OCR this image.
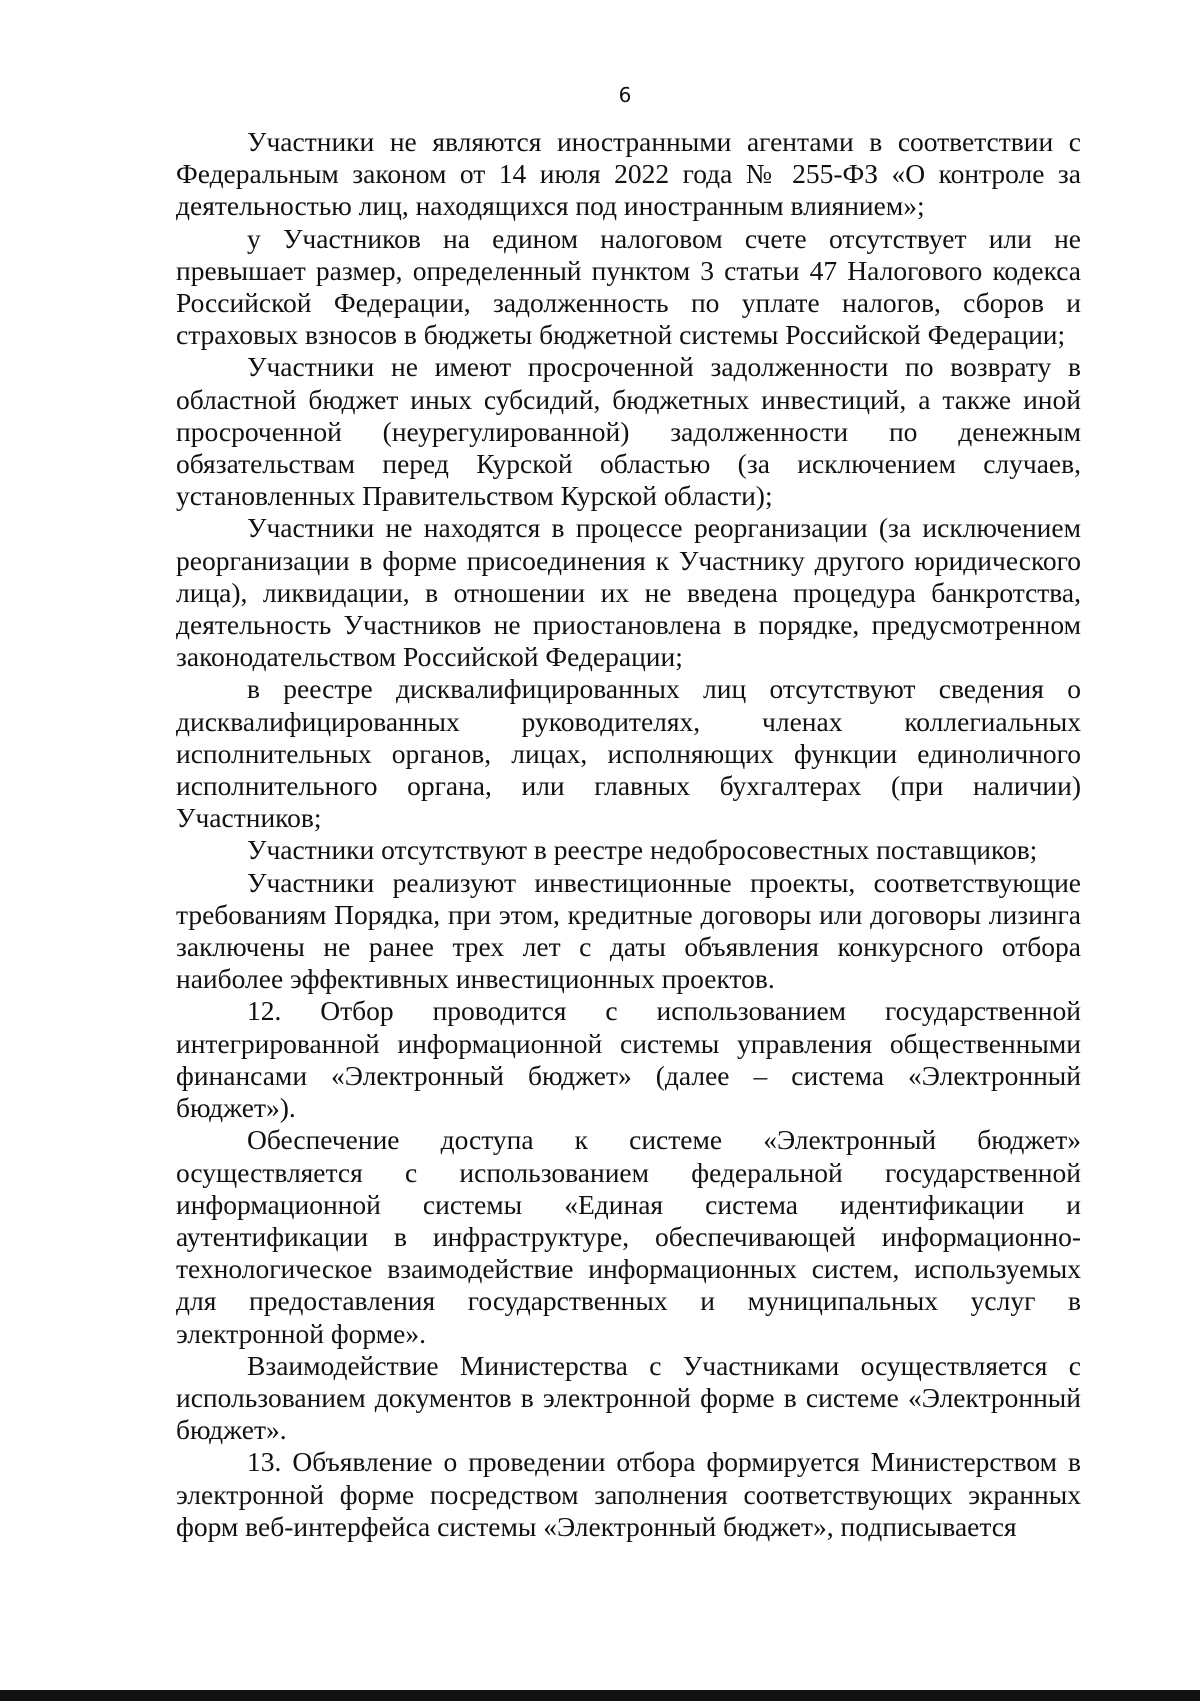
6

Участники не являются иностранными агентами в соответствии с Федеральным законом от 14 июля 2022 года № 255-ФЗ «О контроле за деятельностью лиц, находящихся под иностранным влиянием»;

у Участников на едином налоговом счете отсутствует или не превышает размер, определенный пунктом 3 статьи 47 Налогового кодекса Российской Федерации, задолженность по уплате налогов, сборов и страховых взносов в бюджеты бюджетной системы Российской Федерации;

Участники не имеют просроченной задолженности по возврату в областной бюджет иных субсидий, бюджетных инвестиций, а также иной просроченной (неурегулированной) задолженности по денежным обязательствам перед Курской областью (за исключением случаев, установленных Правительством Курской области);

Участники не находятся в процессе реорганизации (за исключением реорганизации в форме присоединения к Участнику другого юридического лица), ликвидации, в отношении их не введена процедура банкротства, деятельность Участников не приостановлена в порядке, предусмотренном законодательством Российской Федерации;

в реестре дисквалифицированных лиц отсутствуют сведения о дисквалифицированных руководителях, членах коллегиальных исполнительных органов, лицах, исполняющих функции единоличного исполнительного органа, или главных бухгалтерах (при наличии) Участников;

Участники отсутствуют в реестре недобросовестных поставщиков;

Участники реализуют инвестиционные проекты, соответствующие требованиям Порядка, при этом, кредитные договоры или договоры лизинга заключены не ранее трех лет с даты объявления конкурсного отбора наиболее эффективных инвестиционных проектов.

12. Отбор проводится с использованием государственной интегрированной информационной системы управления общественными финансами «Электронный бюджет» (далее – система «Электронный бюджет»).

Обеспечение доступа к системе «Электронный бюджет» осуществляется с использованием федеральной государственной информационной системы «Единая система идентификации и аутентификации в инфраструктуре, обеспечивающей информационно-технологическое взаимодействие информационных систем, используемых для предоставления государственных и муниципальных услуг в электронной форме».

Взаимодействие Министерства с Участниками осуществляется с использованием документов в электронной форме в системе «Электронный бюджет».

13. Объявление о проведении отбора формируется Министерством в электронной форме посредством заполнения соответствующих экранных форм веб-интерфейса системы «Электронный бюджет», подписывается
